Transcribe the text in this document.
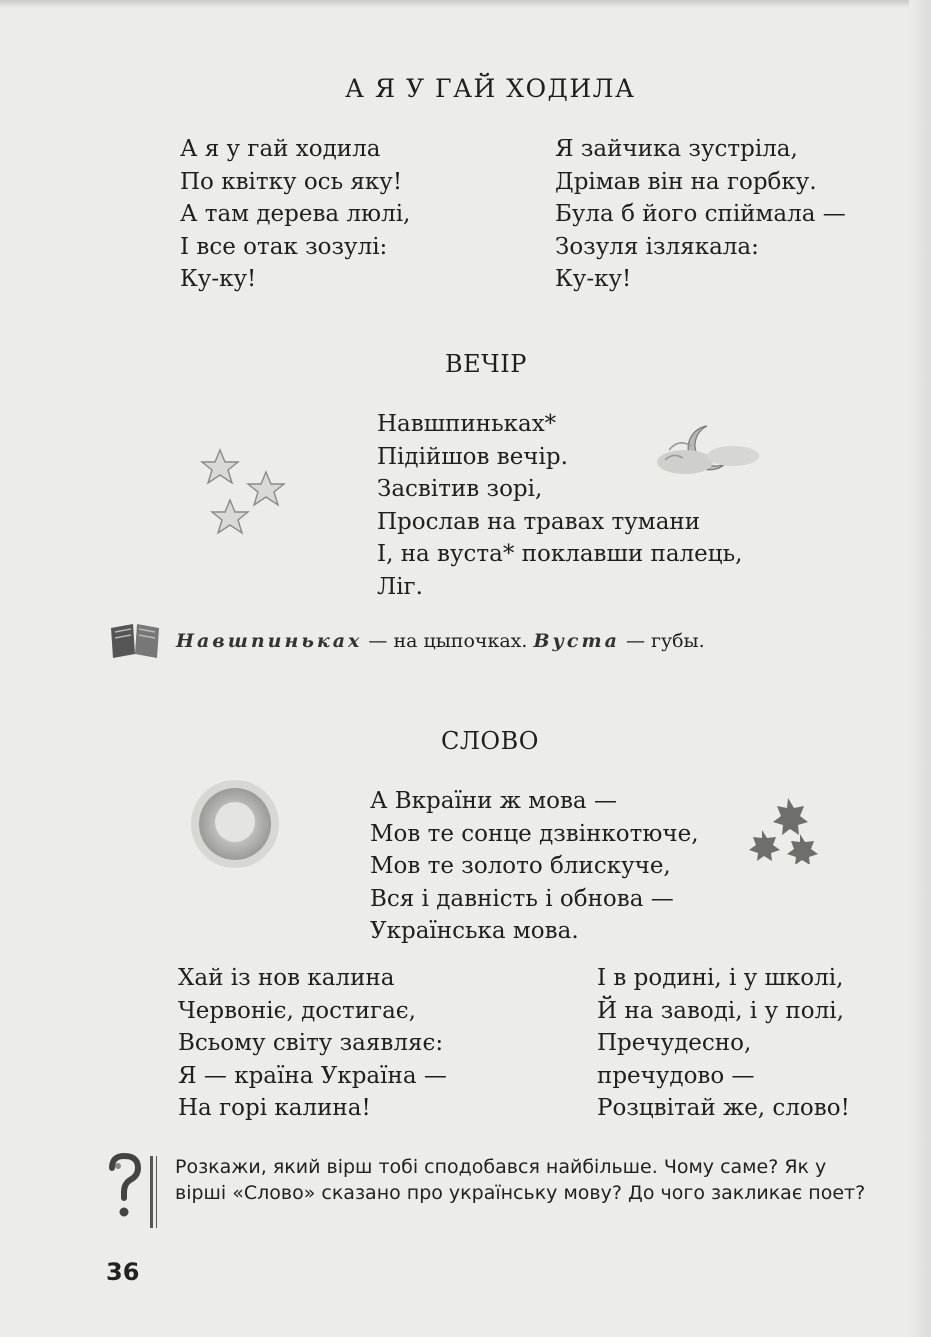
А Я У ГАЙ ХОДИЛА
А я у гай ходила
По квітку ось яку!
А там дерева люлі,
І все отак зозулі:
Ку-ку!
Я зайчика зустріла,
Дрімав він на горбку.
Була б його спіймала —
Зозуля ізлякала:
Ку-ку!
ВЕЧІР
Навшпиньках*
Підійшов вечір.
Засвітив зорі,
Прослав на травах тумани
І, на вуста* поклавши палець,
Ліг.
Навшпиньках — на цыпочках. Вуста — губы.
СЛОВО
А Вкраїни ж мова —
Мов те сонце дзвінкотюче,
Мов те золото блискуче,
Вся і давність і обнова —
Українська мова.
Хай із нов калина
Червоніє, достигає,
Всьому світу заявляє:
Я — країна Україна —
На горі калина!
І в родині, і у школі,
Й на заводі, і у полі,
Пречудесно,
пречудово —
Розцвітай же, слово!
Розкажи, який вірш тобі сподобався найбільше. Чому саме? Як у вірші «Слово» сказано про українську мову? До чого закликає поет?
36
